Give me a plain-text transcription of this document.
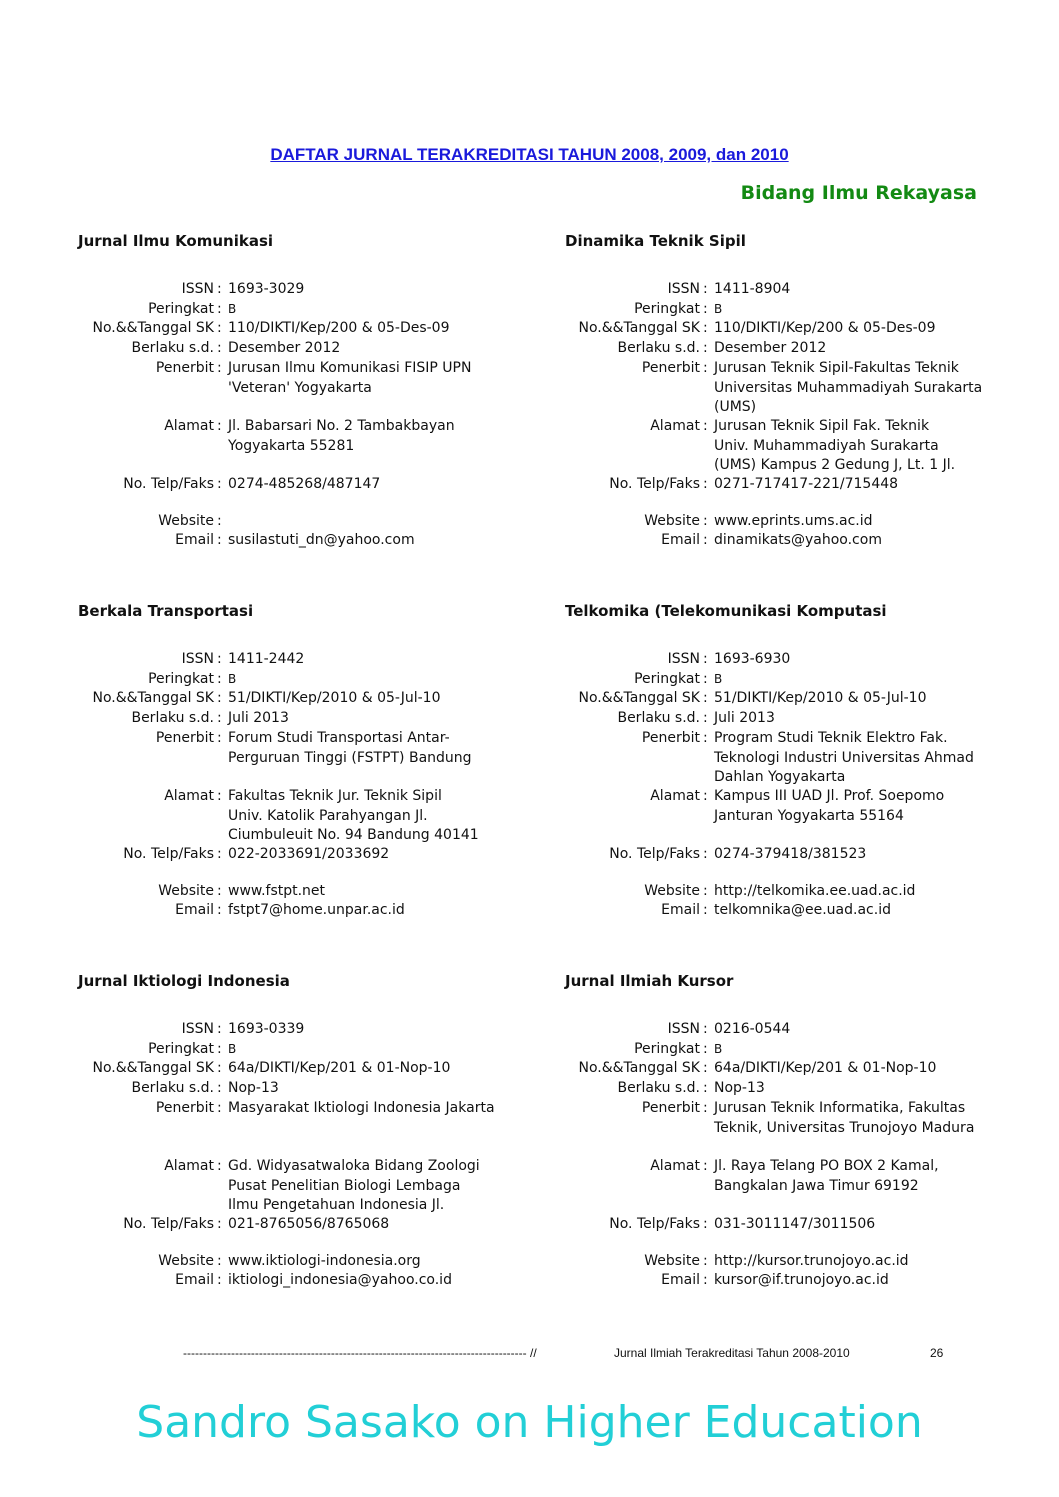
DAFTAR JURNAL TERAKREDITASI TAHUN 2008, 2009, dan 2010
Bidang Ilmu Rekayasa
Jurnal Ilmu Komunikasi
ISSN : 1693-3029
Peringkat : B
No.&&Tanggal SK : 110/DIKTI/Kep/200 & 05-Des-09
Berlaku s.d. : Desember 2012
Penerbit : Jurusan Ilmu Komunikasi FISIP UPN
'Veteran' Yogyakarta
Alamat : Jl. Babarsari No. 2 Tambakbayan
Yogyakarta 55281
No. Telp/Faks : 0274-485268/487147
Website :
Email : susilastuti_dn@yahoo.com
Dinamika Teknik Sipil
ISSN : 1411-8904
Peringkat : B
No.&&Tanggal SK : 110/DIKTI/Kep/200 & 05-Des-09
Berlaku s.d. : Desember 2012
Penerbit : Jurusan Teknik Sipil-Fakultas Teknik
Universitas Muhammadiyah Surakarta
(UMS)
Alamat : Jurusan Teknik Sipil Fak. Teknik
Univ. Muhammadiyah Surakarta
(UMS) Kampus 2 Gedung J, Lt. 1 Jl.
No. Telp/Faks : 0271-717417-221/715448
Website : www.eprints.ums.ac.id
Email : dinamikats@yahoo.com
Berkala Transportasi
ISSN : 1411-2442
Peringkat : B
No.&&Tanggal SK : 51/DIKTI/Kep/2010 & 05-Jul-10
Berlaku s.d. : Juli 2013
Penerbit : Forum Studi Transportasi Antar-
Perguruan Tinggi (FSTPT) Bandung
Alamat : Fakultas Teknik Jur. Teknik Sipil
Univ. Katolik Parahyangan Jl.
Ciumbuleuit No. 94 Bandung 40141
No. Telp/Faks : 022-2033691/2033692
Website : www.fstpt.net
Email : fstpt7@home.unpar.ac.id
Telkomika (Telekomunikasi Komputasi
ISSN : 1693-6930
Peringkat : B
No.&&Tanggal SK : 51/DIKTI/Kep/2010 & 05-Jul-10
Berlaku s.d. : Juli 2013
Penerbit : Program Studi Teknik Elektro Fak.
Teknologi Industri Universitas Ahmad
Dahlan Yogyakarta
Alamat : Kampus III UAD Jl. Prof. Soepomo
Janturan Yogyakarta 55164
No. Telp/Faks : 0274-379418/381523
Website : http://telkomika.ee.uad.ac.id
Email : telkomnika@ee.uad.ac.id
Jurnal Iktiologi Indonesia
ISSN : 1693-0339
Peringkat : B
No.&&Tanggal SK : 64a/DIKTI/Kep/201 & 01-Nop-10
Berlaku s.d. : Nop-13
Penerbit : Masyarakat Iktiologi Indonesia Jakarta
Alamat : Gd. Widyasatwaloka Bidang Zoologi
Pusat Penelitian Biologi Lembaga
Ilmu Pengetahuan Indonesia Jl.
No. Telp/Faks : 021-8765056/8765068
Website : www.iktiologi-indonesia.org
Email : iktiologi_indonesia@yahoo.co.id
Jurnal Ilmiah Kursor
ISSN : 0216-0544
Peringkat : B
No.&&Tanggal SK : 64a/DIKTI/Kep/201 & 01-Nop-10
Berlaku s.d. : Nop-13
Penerbit : Jurusan Teknik Informatika, Fakultas
Teknik, Universitas Trunojoyo Madura
Alamat : Jl. Raya Telang PO BOX 2 Kamal,
Bangkalan Jawa Timur 69192
No. Telp/Faks : 031-3011147/3011506
Website : http://kursor.trunojoyo.ac.id
Email : kursor@if.trunojoyo.ac.id
-------------------------------------------------------------------------------------- //	Jurnal Ilmiah Terakreditasi Tahun 2008-2010	26
Sandro Sasako on Higher Education
